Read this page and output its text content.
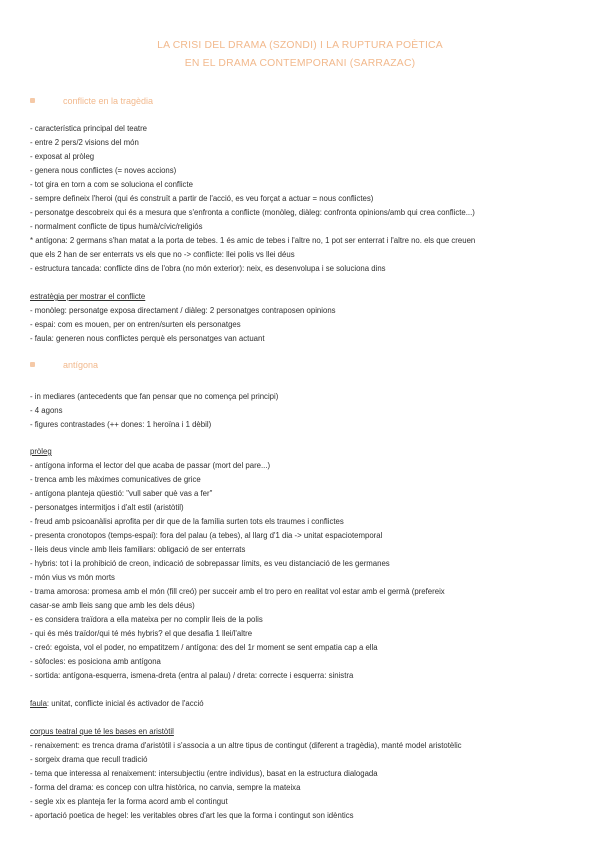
LA CRISI DEL DRAMA (SZONDI) I LA RUPTURA POÈTICA
EN EL DRAMA CONTEMPORANI (SARRAZAC)
conflicte en la tragèdia
- característica principal del teatre
- entre 2 pers/2 visions del món
- exposat al pròleg
- genera nous conflictes (= noves accions)
- tot gira en torn a com se soluciona el conflicte
- sempre defineix l'heroi (qui és construït a partir de l'acció, es veu forçat a actuar = nous conflictes)
- personatge descobreix qui és a mesura que s'enfronta a conflicte (monòleg, diàleg: confronta opinions/amb qui crea conflicte...)
- normalment conflicte de tipus humà/cívic/religiós
* antígona: 2 germans s'han matat a la porta de tebes. 1 és amic de tebes i l'altre no, 1 pot ser enterrat i l'altre no. els que creuen
que els 2 han de ser enterrats vs els que no -> conflicte: llei polis vs llei déus
- estructura tancada: conflicte dins de l'obra (no món exterior): neix, es desenvolupa i se soluciona dins
estratègia per mostrar el conflicte
- monòleg: personatge exposa directament / diàleg: 2 personatges contraposen opinions
- espai: com es mouen, per on entren/surten els personatges
- faula: generen nous conflictes perquè els personatges van actuant
antígona
- in mediares (antecedents que fan pensar que no comença pel principi)
- 4 agons
- figures contrastades (++ dones: 1 heroïna i 1 dèbil)
pròleg
- antígona informa el lector del que acaba de passar (mort del pare...)
- trenca amb les màximes comunicatives de grice
- antígona planteja qüestió: "vull saber què vas a fer"
- personatges intermitjos i d'alt estil (aristòtil)
- freud amb psicoanàlisi aprofita per dir que de la família surten tots els traumes i conflictes
- presenta cronotopos (temps-espai): fora del palau (a tebes), al llarg d'1 dia -> unitat espaciotemporal
- lleis deus vincle amb lleis familiars: obligació de ser enterrats
- hybris: tot i la prohibició de creon, indicació de sobrepassar límits, es veu distanciació de les germanes
- món vius vs món morts
- trama amorosa: promesa amb el món (fill creó) per succeir amb el tro pero en realitat vol estar amb el germà (prefereix
casar-se amb lleis sang que amb les dels déus)
- es considera traïdora a ella mateixa per no complir lleis de la polis
- qui és més traïdor/qui té més hybris? el que desafia 1 llei/l'altre
- creó: egoista, vol el poder, no empatitzem / antígona: des del 1r moment se sent empatia cap a ella
- sòfocles: es posiciona amb antígona
- sortida: antígona-esquerra, ismena-dreta (entra al palau) / dreta: correcte i esquerra: sinistra
faula: unitat, conflicte inicial és activador de l'acció
corpus teatral que té les bases en aristòtil
- renaixement: es trenca drama d'aristòtil i s'associa a un altre tipus de contingut (diferent a tragèdia), manté model aristotèlic
- sorgeix drama que recull tradició
- tema que interessa al renaixement: intersubjectiu (entre individus), basat en la estructura dialogada
- forma del drama: es concep con ultra històrica, no canvia, sempre la mateixa
- segle xix es planteja fer la forma acord amb el contingut
- aportació poetica de hegel: les veritables obres d'art les que la forma i contingut son idèntics
